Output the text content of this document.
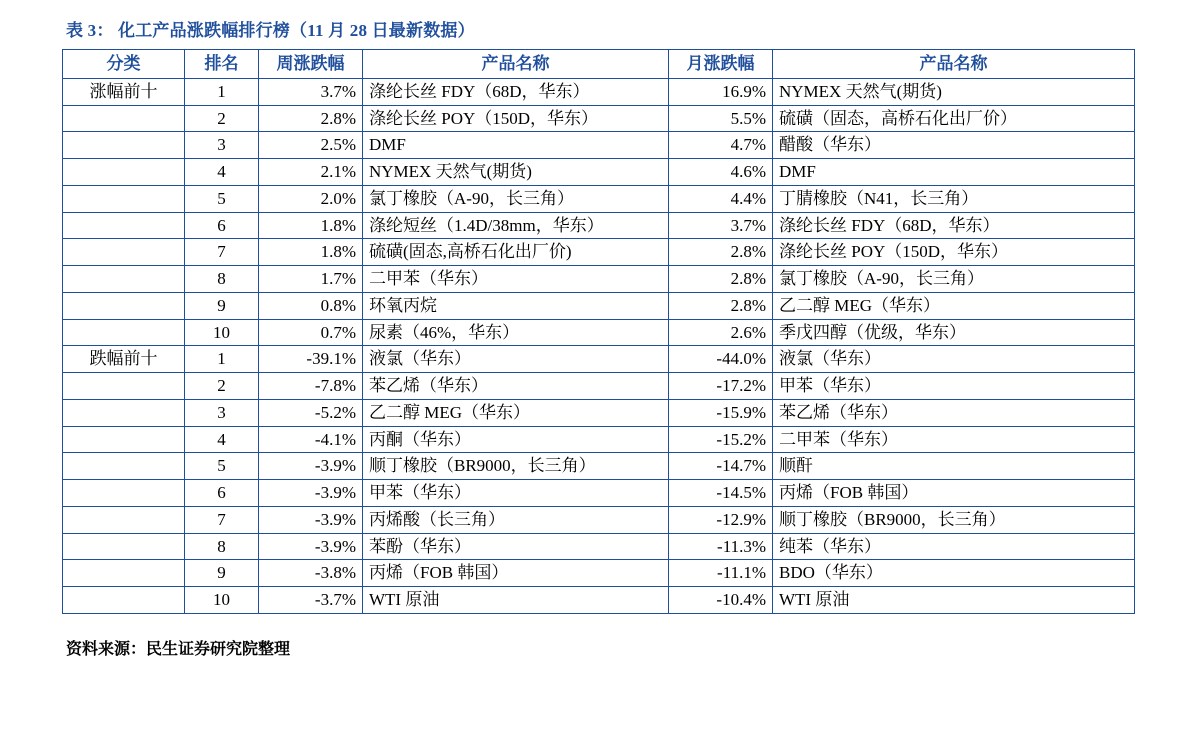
表 3： 化工产品涨跌幅排行榜（11 月 28 日最新数据）
分类	排名	周涨跌幅	产品名称	月涨跌幅	产品名称
涨幅前十	1	3.7%	涤纶长丝 FDY（68D，华东）	16.9%	NYMEX 天然气(期货)
	2	2.8%	涤纶长丝 POY（150D，华东）	5.5%	硫磺（固态，高桥石化出厂价）
	3	2.5%	DMF	4.7%	醋酸（华东）
	4	2.1%	NYMEX 天然气(期货)	4.6%	DMF
	5	2.0%	氯丁橡胶（A-90，长三角）	4.4%	丁腈橡胶（N41，长三角）
	6	1.8%	涤纶短丝（1.4D/38mm，华东）	3.7%	涤纶长丝 FDY（68D，华东）
	7	1.8%	硫磺(固态,高桥石化出厂价)	2.8%	涤纶长丝 POY（150D，华东）
	8	1.7%	二甲苯（华东）	2.8%	氯丁橡胶（A-90，长三角）
	9	0.8%	环氧丙烷	2.8%	乙二醇 MEG（华东）
	10	0.7%	尿素（46%，华东）	2.6%	季戊四醇（优级，华东）
跌幅前十	1	-39.1%	液氯（华东）	-44.0%	液氯（华东）
	2	-7.8%	苯乙烯（华东）	-17.2%	甲苯（华东）
	3	-5.2%	乙二醇 MEG（华东）	-15.9%	苯乙烯（华东）
	4	-4.1%	丙酮（华东）	-15.2%	二甲苯（华东）
	5	-3.9%	顺丁橡胶（BR9000，长三角）	-14.7%	顺酐
	6	-3.9%	甲苯（华东）	-14.5%	丙烯（FOB 韩国）
	7	-3.9%	丙烯酸（长三角）	-12.9%	顺丁橡胶（BR9000，长三角）
	8	-3.9%	苯酚（华东）	-11.3%	纯苯（华东）
	9	-3.8%	丙烯（FOB 韩国）	-11.1%	BDO（华东）
	10	-3.7%	WTI 原油	-10.4%	WTI 原油
资料来源：民生证券研究院整理
